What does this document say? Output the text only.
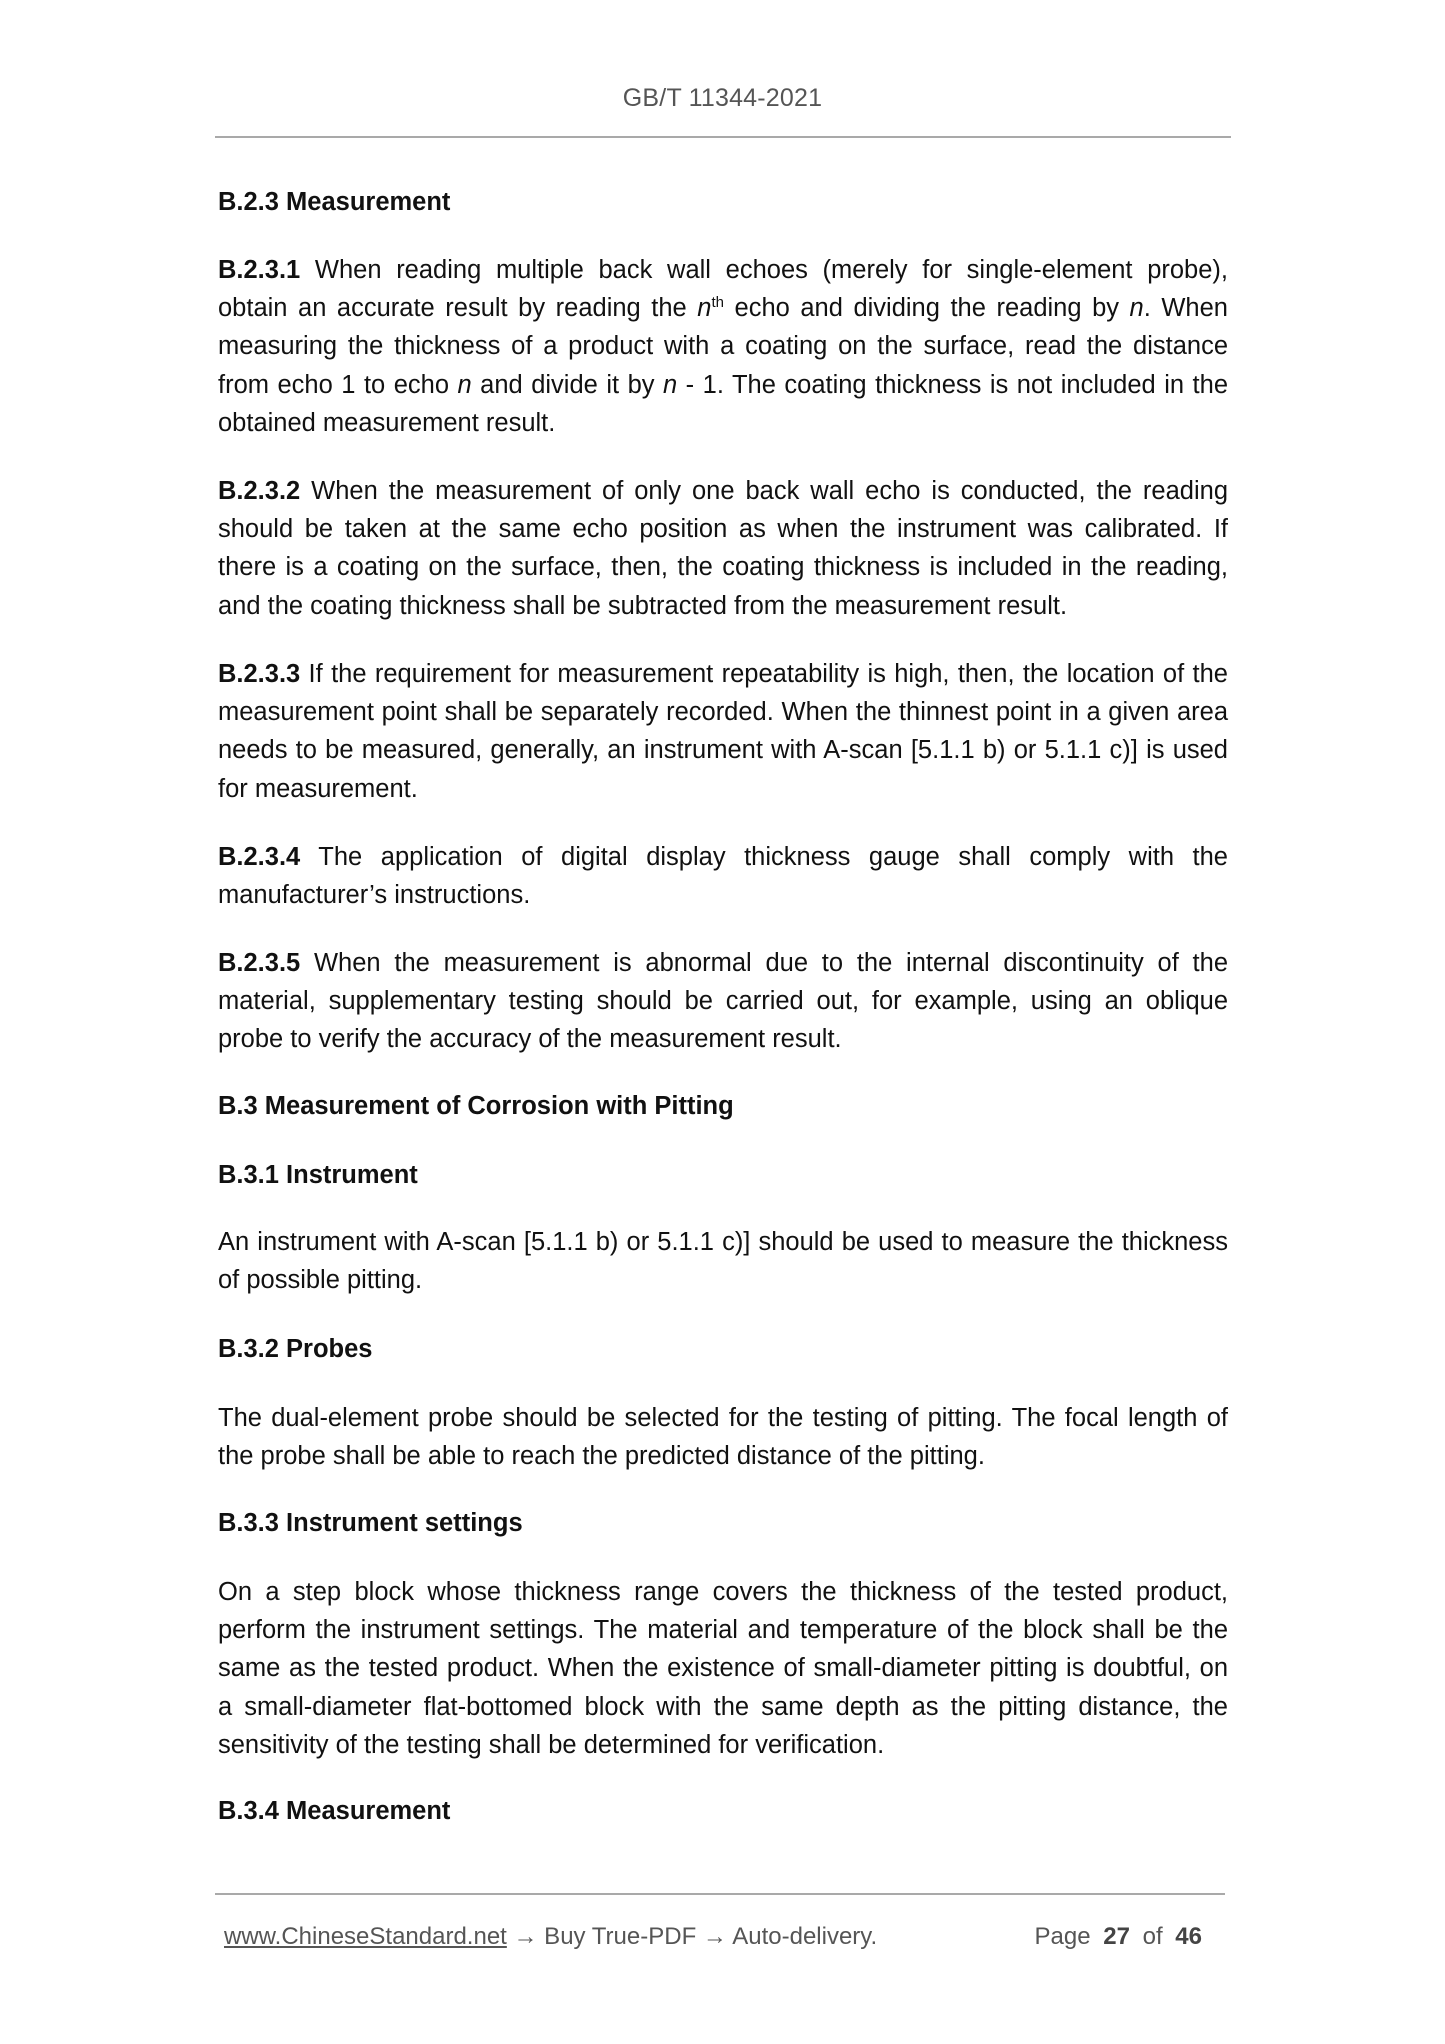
GB/T 11344-2021
B.2.3 Measurement
B.2.3.1 When reading multiple back wall echoes (merely for single-element probe), obtain an accurate result by reading the $n^{th}$ echo and dividing the reading by n. When measuring the thickness of a product with a coating on the surface, read the distance from echo 1 to echo n and divide it by n - 1. The coating thickness is not included in the obtained measurement result.
B.2.3.2 When the measurement of only one back wall echo is conducted, the reading should be taken at the same echo position as when the instrument was calibrated. If there is a coating on the surface, then, the coating thickness is included in the reading, and the coating thickness shall be subtracted from the measurement result.
B.2.3.3 If the requirement for measurement repeatability is high, then, the location of the measurement point shall be separately recorded. When the thinnest point in a given area needs to be measured, generally, an instrument with A-scan [5.1.1 b) or 5.1.1 c)] is used for measurement.
B.2.3.4 The application of digital display thickness gauge shall comply with the manufacturer’s instructions.
B.2.3.5 When the measurement is abnormal due to the internal discontinuity of the material, supplementary testing should be carried out, for example, using an oblique probe to verify the accuracy of the measurement result.
B.3 Measurement of Corrosion with Pitting
B.3.1 Instrument
An instrument with A-scan [5.1.1 b) or 5.1.1 c)] should be used to measure the thickness of possible pitting.
B.3.2 Probes
The dual-element probe should be selected for the testing of pitting. The focal length of the probe shall be able to reach the predicted distance of the pitting.
B.3.3 Instrument settings
On a step block whose thickness range covers the thickness of the tested product, perform the instrument settings. The material and temperature of the block shall be the same as the tested product. When the existence of small-diameter pitting is doubtful, on a small-diameter flat-bottomed block with the same depth as the pitting distance, the sensitivity of the testing shall be determined for verification.
B.3.4 Measurement
www.ChineseStandard.net → Buy True-PDF → Auto-delivery.	Page 27 of 46
